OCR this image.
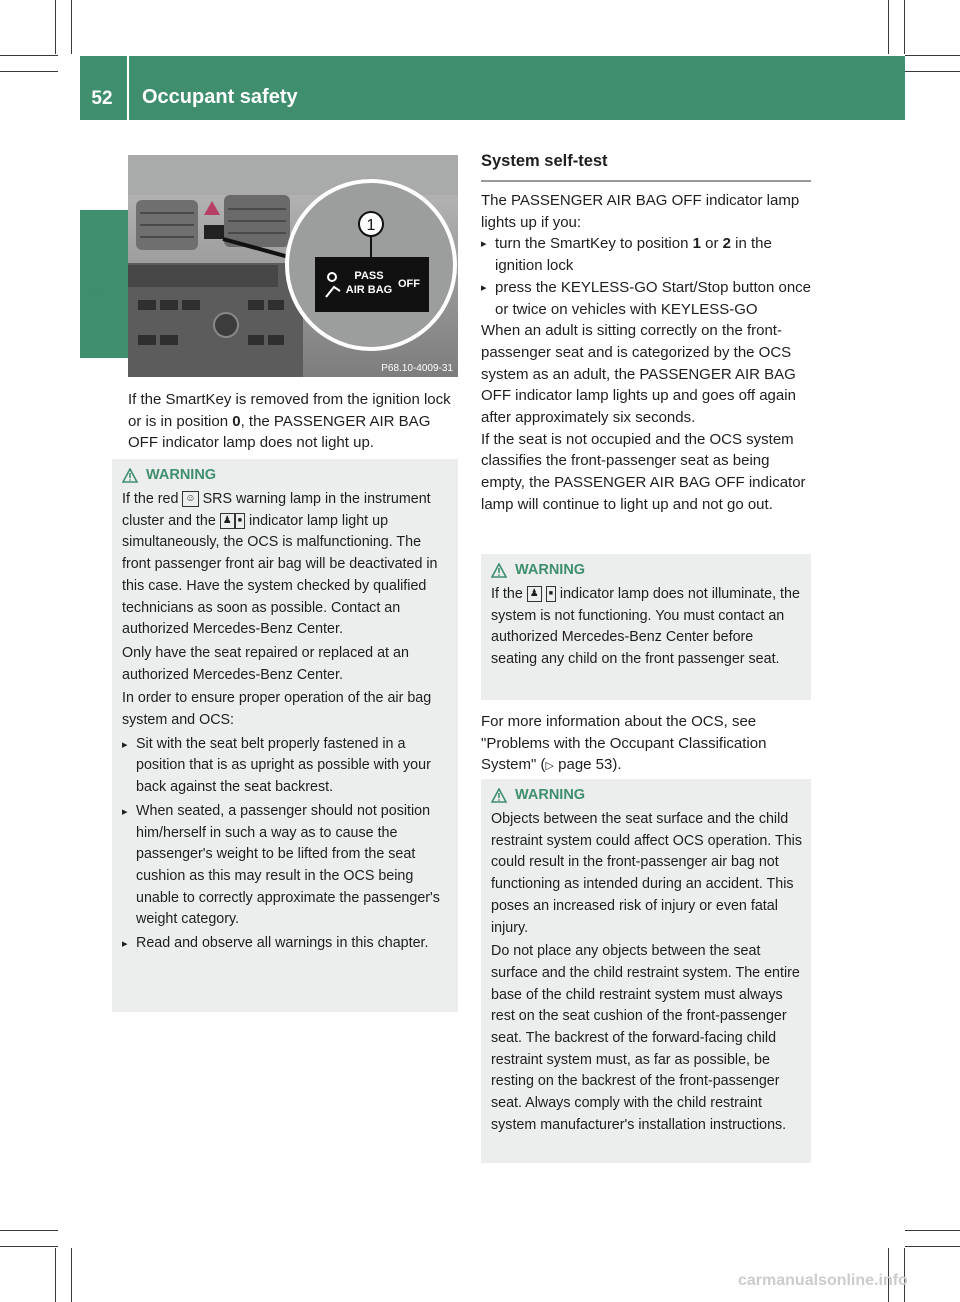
52	Occupant safety
Safety
1
PASS
AIR BAG OFF
P68.10-4009-31
If the SmartKey is removed from the ignition lock or is in position 0, the PASSENGER AIR BAG OFF indicator lamp does not light up.
WARNING
If the red ☺ SRS warning lamp in the instrument cluster and the ♟ ■ indicator lamp light up simultaneously, the OCS is malfunctioning. The front passenger front air bag will be deactivated in this case. Have the system checked by qualified technicians as soon as possible. Contact an authorized Mercedes-Benz Center.
Only have the seat repaired or replaced at an authorized Mercedes-Benz Center.
In order to ensure proper operation of the air bag system and OCS:
▸ Sit with the seat belt properly fastened in a position that is as upright as possible with your back against the seat backrest.
▸ When seated, a passenger should not position him/herself in such a way as to cause the passenger's weight to be lifted from the seat cushion as this may result in the OCS being unable to correctly approximate the passenger's weight category.
▸ Read and observe all warnings in this chapter.
System self-test
The PASSENGER AIR BAG OFF indicator lamp lights up if you:
▸ turn the SmartKey to position 1 or 2 in the ignition lock
▸ press the KEYLESS-GO Start/Stop button once or twice on vehicles with KEYLESS-GO
When an adult is sitting correctly on the front-passenger seat and is categorized by the OCS system as an adult, the PASSENGER AIR BAG OFF indicator lamp lights up and goes off again after approximately six seconds.
If the seat is not occupied and the OCS system classifies the front-passenger seat as being empty, the PASSENGER AIR BAG OFF indicator lamp will continue to light up and not go out.
WARNING
If the ♟ ■ indicator lamp does not illuminate, the system is not functioning. You must contact an authorized Mercedes-Benz Center before seating any child on the front passenger seat.
For more information about the OCS, see "Problems with the Occupant Classification System" (▷ page 53).
WARNING
Objects between the seat surface and the child restraint system could affect OCS operation. This could result in the front-passenger air bag not functioning as intended during an accident. This poses an increased risk of injury or even fatal injury.
Do not place any objects between the seat surface and the child restraint system. The entire base of the child restraint system must always rest on the seat cushion of the front-passenger seat. The backrest of the forward-facing child restraint system must, as far as possible, be resting on the backrest of the front-passenger seat. Always comply with the child restraint system manufacturer's installation instructions.
carmanualsonline.info
